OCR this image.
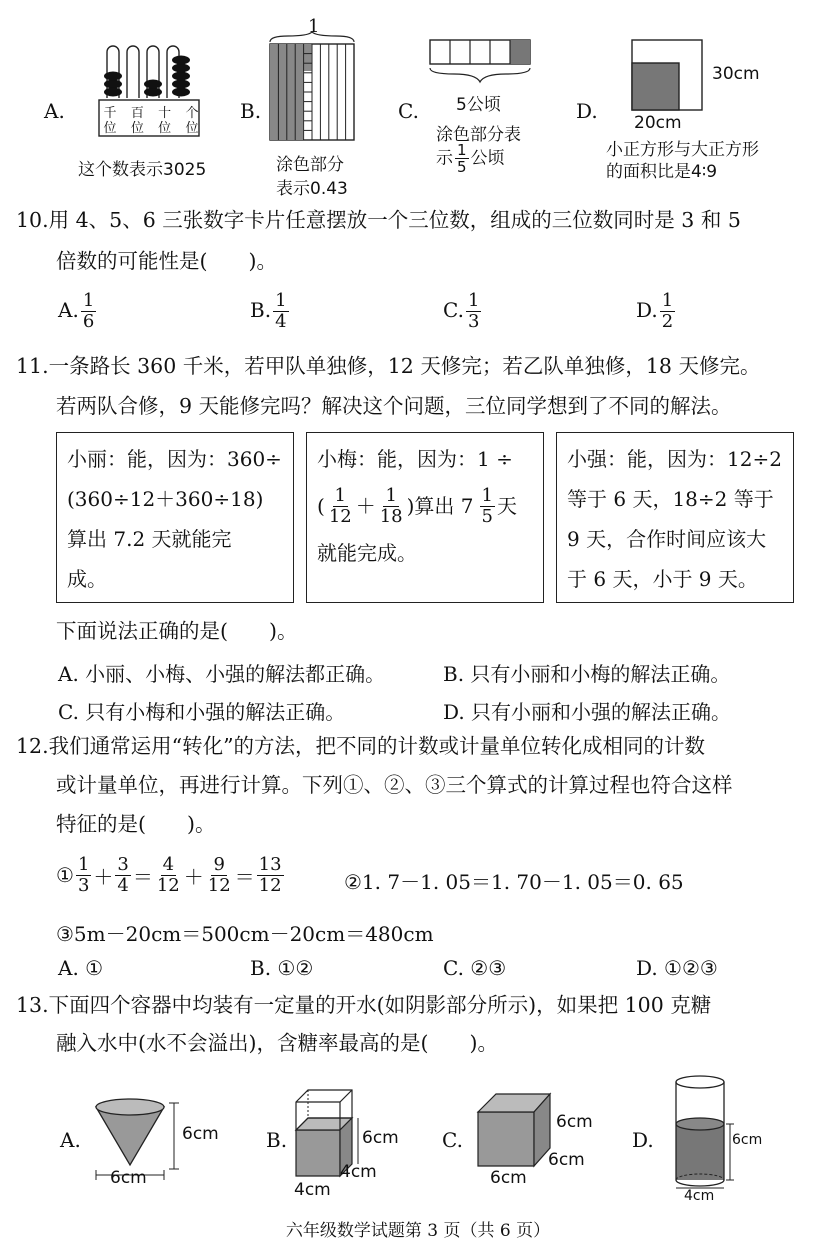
A.	千位
百位
十位
个位
这个数表示3025
B.
1
涂色部分
表示0.43
C. 5公顷
涂色部分表
示 $\frac{1}{5}$ 公顷
D.
30cm
20cm
小正方形与大正方形
的面积比是4∶9
10.用 4、5、6 三张数字卡片任意摆放一个三位数，组成的三位数同时是 3 和 5
倍数的可能性是(　　)。
A. $\frac{1}{6}$	B. $\frac{1}{4}$	C. $\frac{1}{3}$	D. $\frac{1}{2}$
11.一条路长 360 千米，若甲队单独修，12 天修完；若乙队单独修，18 天修完。
若两队合修，9 天能修完吗？解决这个问题，三位同学想到了不同的解法。
小丽：能，因为：360÷
(360÷12＋360÷18)
算出 7.2 天就能完
成。
小梅：能，因为：1 ÷
( $\frac{1}{12} + \frac{1}{18}$ )算出 $7 \frac{1}{5}$ 天
就能完成。
小强：能，因为：12÷2
等于 6 天，18÷2 等于
9 天，合作时间应该大
于 6 天，小于 9 天。
下面说法正确的是(　　)。
A. 小丽、小梅、小强的解法都正确。	B. 只有小丽和小梅的解法正确。
C. 只有小梅和小强的解法正确。	D. 只有小丽和小强的解法正确。
12.我们通常运用“转化”的方法，把不同的计数或计量单位转化成相同的计数
或计量单位，再进行计算。下列①、②、③三个算式的计算过程也符合这样
特征的是(　　)。
① $\frac{1}{3} + \frac{3}{4} = \frac{4}{12} + \frac{9}{12} = \frac{13}{12}$	②1. 7－1. 05＝1. 70－1. 05＝0. 65
③5m－20cm＝500cm－20cm＝480cm
A. ①	B. ①②	C. ②③	D. ①②③
13.下面四个容器中均装有一定量的开水(如阴影部分所示)，如果把 100 克糖
融入水中(水不会溢出)，含糖率最高的是(　　)。
A.	6cm
6cm
B.	6cm
4cm
4cm
C.
6cm
6cm
6cm
D.	6cm
4cm
六年级数学试题第 3 页（共 6 页）
